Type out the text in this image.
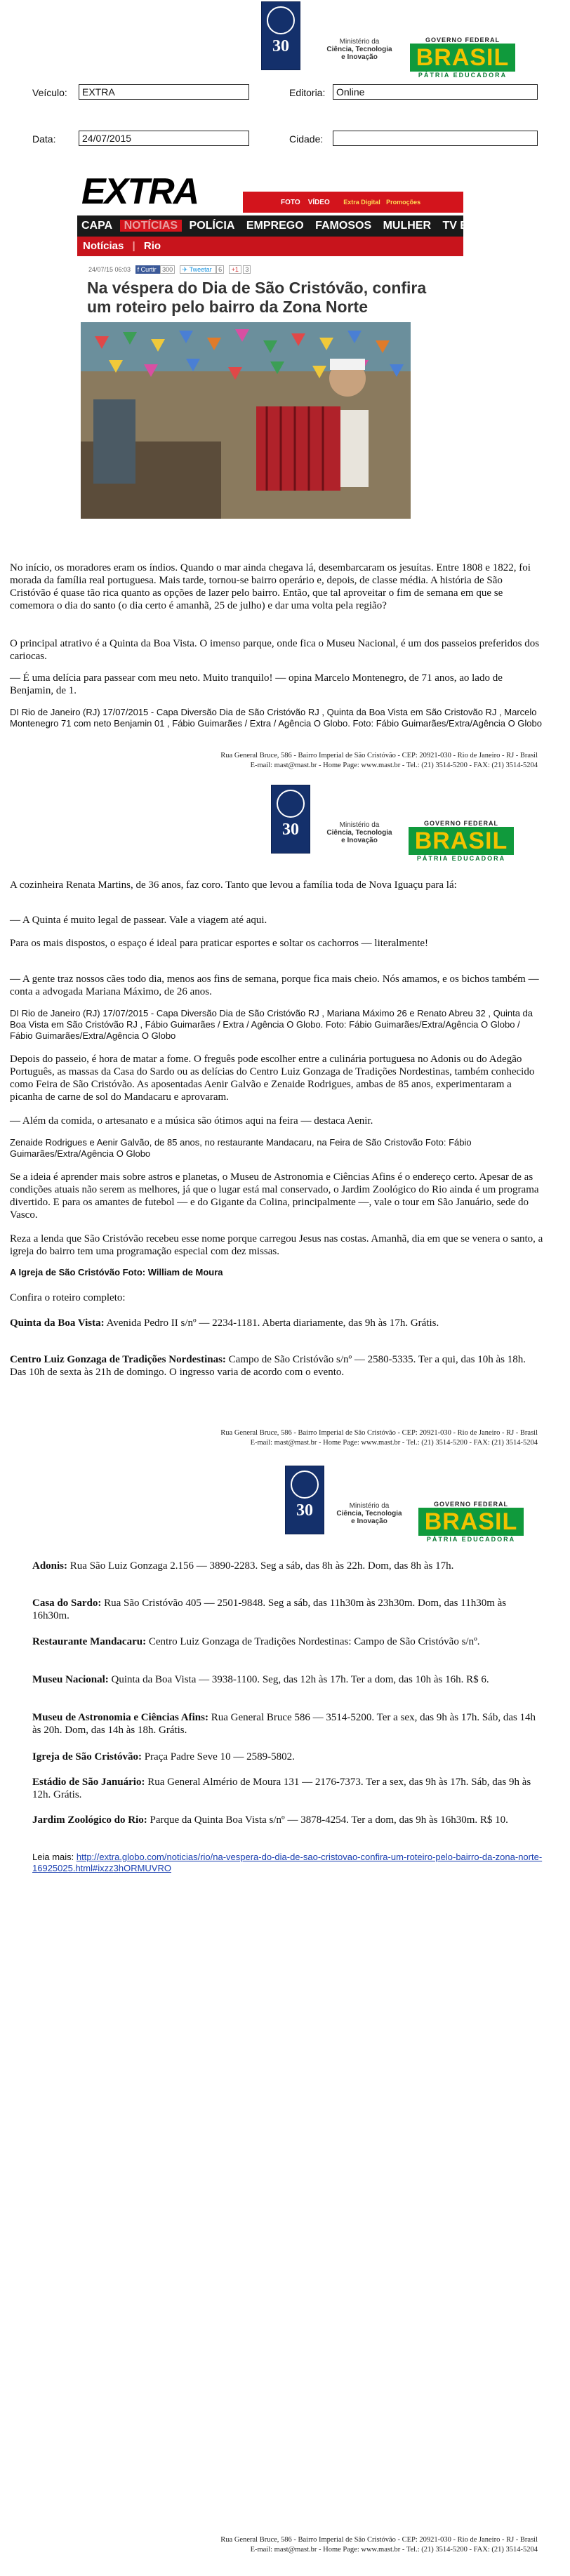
30	Ministério da
Ciência, Tecnologia
e Inovação
GOVERNO FEDERAL
BRASIL
PÁTRIA EDUCADORA
Veículo:	EXTRA	Editoria:	Online
Data:	24/07/2015	Cidade:
EXTRA	FOTO VÍDEO Extra Digital Promoções
CAPA NOTÍCIAS POLÍCIA EMPREGO FAMOSOS MULHER TV E LAZER
Notícias | Rio
24/07/15 06:03 f Curtir 300 ✈ Tweetar 6 +1 3
Na véspera do Dia de São Cristóvão, confira um roteiro pelo bairro da Zona Norte

No início, os moradores eram os índios. Quando o mar ainda chegava lá, desembarcaram os jesuítas. Entre 1808 e 1822, foi morada da família real portuguesa. Mais tarde, tornou-se bairro operário e, depois, de classe média. A história de São Cristóvão é quase tão rica quanto as opções de lazer pelo bairro. Então, que tal aproveitar o fim de semana em que se comemora o dia do santo (o dia certo é amanhã, 25 de julho) e dar uma volta pela região?

O principal atrativo é a Quinta da Boa Vista. O imenso parque, onde fica o Museu Nacional, é um dos passeios preferidos dos cariocas.

— É uma delícia para passear com meu neto. Muito tranquilo! — opina Marcelo Montenegro, de 71 anos, ao lado de Benjamin, de 1.

DI Rio de Janeiro (RJ) 17/07/2015 - Capa Diversão Dia de São Cristóvão RJ , Quinta da Boa Vista em São Cristovão RJ , Marcelo Montenegro 71 com neto Benjamin 01 , Fábio Guimarães / Extra / Agência O Globo. Foto: Fábio Guimarães/Extra/Agência O Globo
Rua General Bruce, 586 - Bairro Imperial de São Cristóvão - CEP: 20921-030 - Rio de Janeiro - RJ - Brasil
E-mail: mast@mast.br - Home Page: www.mast.br - Tel.: (21) 3514-5200 - FAX: (21) 3514-5204
30	Ministério da
Ciência, Tecnologia
e Inovação
GOVERNO FEDERAL
BRASIL
PÁTRIA EDUCADORA

A cozinheira Renata Martins, de 36 anos, faz coro. Tanto que levou a família toda de Nova Iguaçu para lá:

— A Quinta é muito legal de passear. Vale a viagem até aqui.

Para os mais dispostos, o espaço é ideal para praticar esportes e soltar os cachorros — literalmente!

— A gente traz nossos cães todo dia, menos aos fins de semana, porque fica mais cheio. Nós amamos, e os bichos também — conta a advogada Mariana Máximo, de 26 anos.

DI Rio de Janeiro (RJ) 17/07/2015 - Capa Diversão Dia de São Cristóvão RJ , Mariana Máximo 26 e Renato Abreu 32 , Quinta da Boa Vista em São Cristóvão RJ , Fábio Guimarães / Extra / Agência O Globo. Foto: Fábio Guimarães/Extra/Agência O Globo / Fábio Guimarães/Extra/Agência O Globo

Depois do passeio, é hora de matar a fome. O freguês pode escolher entre a culinária portuguesa no Adonis ou do Adegão Português, as massas da Casa do Sardo ou as delícias do Centro Luiz Gonzaga de Tradições Nordestinas, também conhecido como Feira de São Cristóvão. As aposentadas Aenir Galvão e Zenaide Rodrigues, ambas de 85 anos, experimentaram a picanha de carne de sol do Mandacaru e aprovaram.

— Além da comida, o artesanato e a música são ótimos aqui na feira — destaca Aenir.

Zenaide Rodrigues e Aenir Galvão, de 85 anos, no restaurante Mandacaru, na Feira de São Cristovão Foto: Fábio Guimarães/Extra/Agência O Globo

Se a ideia é aprender mais sobre astros e planetas, o Museu de Astronomia e Ciências Afins é o endereço certo. Apesar de as condições atuais não serem as melhores, já que o lugar está mal conservado, o Jardim Zoológico do Rio ainda é um programa divertido. E para os amantes de futebol — e do Gigante da Colina, principalmente —, vale o tour em São Januário, sede do Vasco.

Reza a lenda que São Cristóvão recebeu esse nome porque carregou Jesus nas costas. Amanhã, dia em que se venera o santo, a igreja do bairro tem uma programação especial com dez missas.

A Igreja de São Cristóvão Foto: William de Moura

Confira o roteiro completo:

Quinta da Boa Vista: Avenida Pedro II s/nº — 2234-1181. Aberta diariamente, das 9h às 17h. Grátis.

Centro Luiz Gonzaga de Tradições Nordestinas: Campo de São Cristóvão s/nº — 2580-5335. Ter a qui, das 10h às 18h. Das 10h de sexta às 21h de domingo. O ingresso varia de acordo com o evento.

Rua General Bruce, 586 - Bairro Imperial de São Cristóvão - CEP: 20921-030 - Rio de Janeiro - RJ - Brasil
E-mail: mast@mast.br - Home Page: www.mast.br - Tel.: (21) 3514-5200 - FAX: (21) 3514-5204
30	Ministério da
Ciência, Tecnologia
e Inovação
GOVERNO FEDERAL
BRASIL
PÁTRIA EDUCADORA

Adonis: Rua São Luiz Gonzaga 2.156 — 3890-2283. Seg a sáb, das 8h às 22h. Dom, das 8h às 17h.

Casa do Sardo: Rua São Cristóvão 405 — 2501-9848. Seg a sáb, das 11h30m às 23h30m. Dom, das 11h30m às 16h30m.

Restaurante Mandacaru: Centro Luiz Gonzaga de Tradições Nordestinas: Campo de São Cristóvão s/nº.

Museu Nacional: Quinta da Boa Vista — 3938-1100. Seg, das 12h às 17h. Ter a dom, das 10h às 16h. R$ 6.

Museu de Astronomia e Ciências Afins: Rua General Bruce 586 — 3514-5200. Ter a sex, das 9h às 17h. Sáb, das 14h às 20h. Dom, das 14h às 18h. Grátis.

Igreja de São Cristóvão: Praça Padre Seve 10 — 2589-5802.

Estádio de São Januário: Rua General Almério de Moura 131 — 2176-7373. Ter a sex, das 9h às 17h. Sáb, das 9h às 12h. Grátis.

Jardim Zoológico do Rio: Parque da Quinta Boa Vista s/nº — 3878-4254. Ter a dom, das 9h às 16h30m. R$ 10.

Leia mais: http://extra.globo.com/noticias/rio/na-vespera-do-dia-de-sao-cristovao-confira-um-roteiro-pelo-bairro-da-zona-norte-16925025.html#ixzz3hORMUVRO
Rua General Bruce, 586 - Bairro Imperial de São Cristóvão - CEP: 20921-030 - Rio de Janeiro - RJ - Brasil
E-mail: mast@mast.br - Home Page: www.mast.br - Tel.: (21) 3514-5200 - FAX: (21) 3514-5204
